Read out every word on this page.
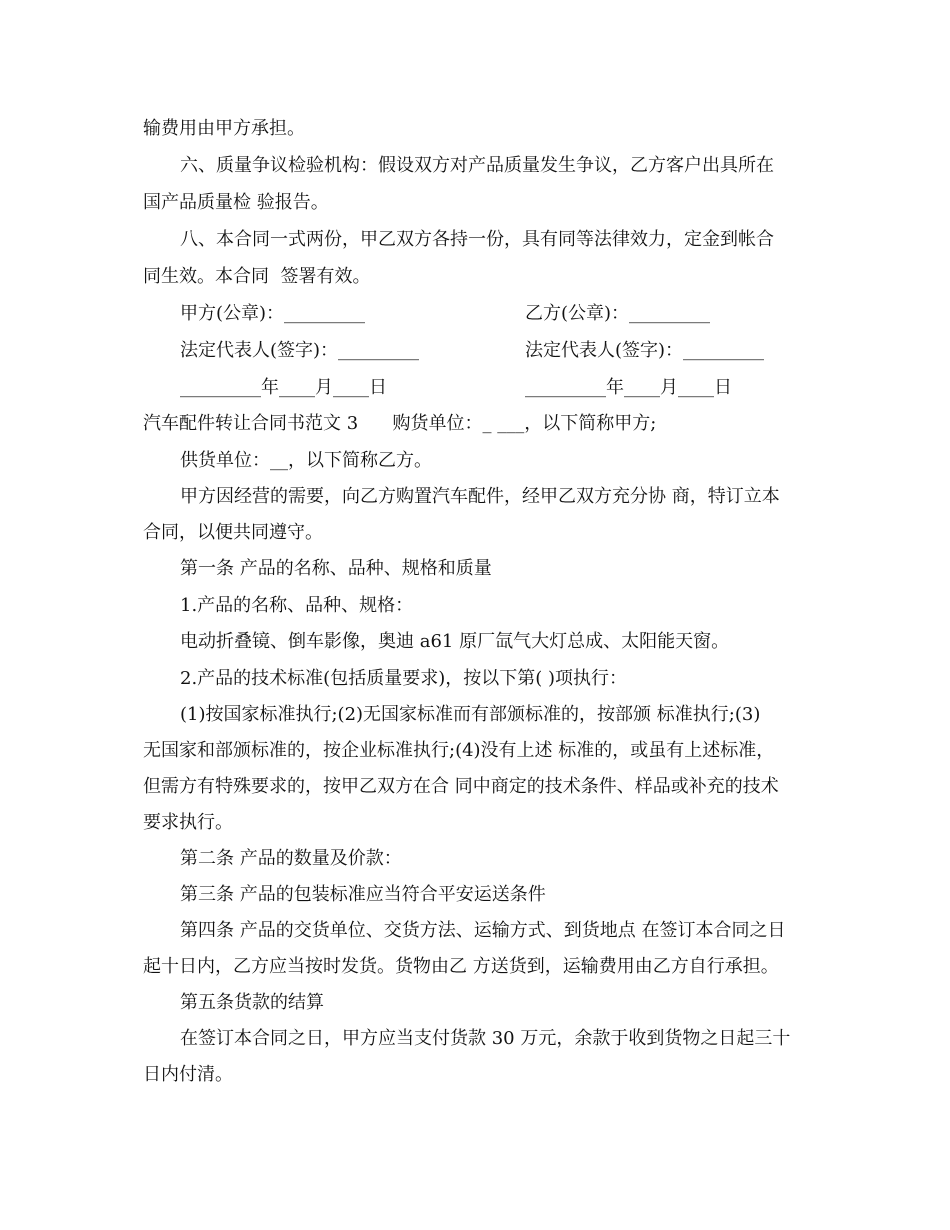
输费用由甲方承担。
六、质量争议检验机构：假设双方对产品质量发生争议，乙方客户出具所在
国产品质量检 验报告。
八、本合同一式两份，甲乙双方各持一份，具有同等法律效力，定金到帐合
同生效。本合同  签署有效。
甲方(公章)：_________	乙方(公章)：_________
法定代表人(签字)：_________	法定代表人(签字)：_________
_________年____月____日	_________年____月____日
汽车配件转让合同书范文 3      购货单位：_ ___，以下简称甲方;
供货单位：__，以下简称乙方。
甲方因经营的需要，向乙方购置汽车配件，经甲乙双方充分协 商，特订立本
合同，以便共同遵守。
第一条 产品的名称、品种、规格和质量
1.产品的名称、品种、规格：
电动折叠镜、倒车影像，奥迪 a61 原厂氙气大灯总成、太阳能天窗。
2.产品的技术标准(包括质量要求)，按以下第( )项执行：
(1)按国家标准执行;(2)无国家标准而有部颁标准的，按部颁 标准执行;(3)
无国家和部颁标准的，按企业标准执行;(4)没有上述 标准的，或虽有上述标准，
但需方有特殊要求的，按甲乙双方在合 同中商定的技术条件、样品或补充的技术
要求执行。
第二条 产品的数量及价款：
第三条 产品的包装标准应当符合平安运送条件
第四条 产品的交货单位、交货方法、运输方式、到货地点 在签订本合同之日
起十日内，乙方应当按时发货。货物由乙 方送货到，运输费用由乙方自行承担。
第五条货款的结算
在签订本合同之日，甲方应当支付货款 30 万元，余款于收到货物之日起三十
日内付清。
